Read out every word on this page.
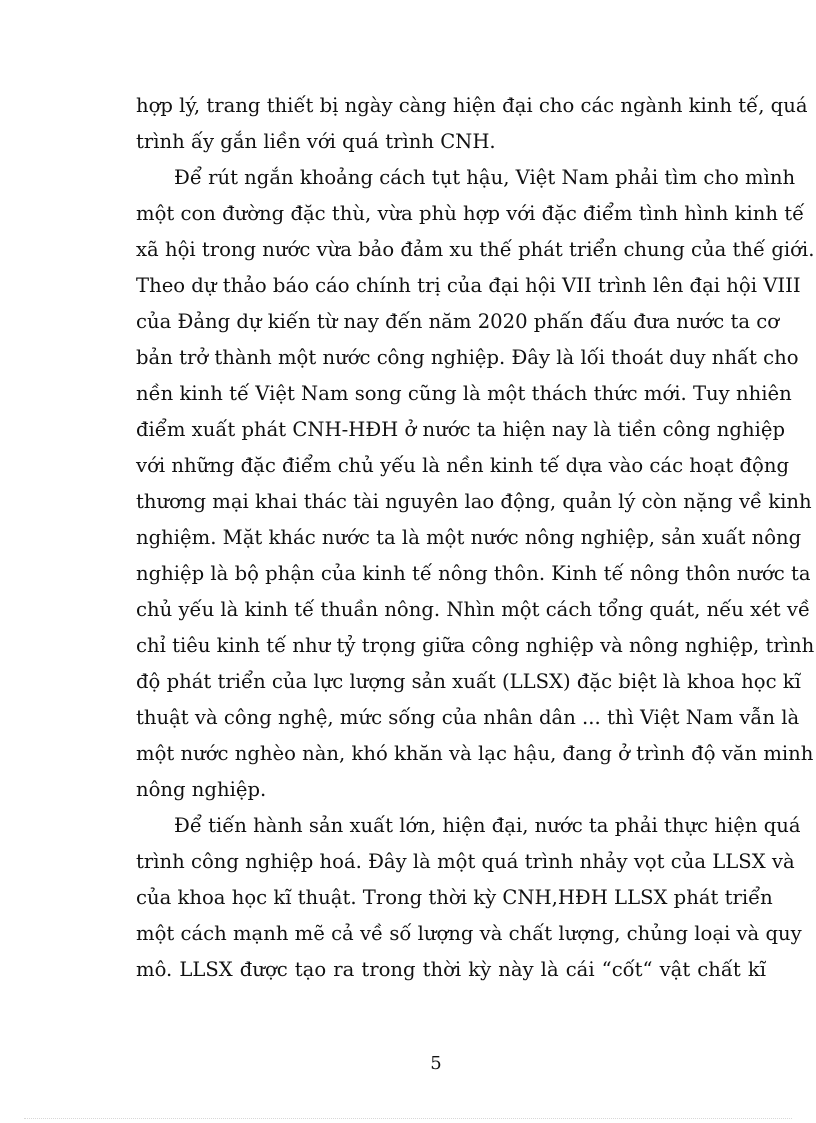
hợp lý, trang thiết bị ngày càng hiện đại cho các ngành kinh tế, quá
trình ấy gắn liền với quá trình CNH.
Để rút ngắn khoảng cách tụt hậu, Việt Nam phải tìm cho mình
một con đường đặc thù, vừa phù hợp với đặc điểm tình hình kinh tế
xã hội trong nước vừa bảo đảm xu thế phát triển chung của thế giới.
Theo dự thảo báo cáo chính trị của đại hội VII trình lên đại hội VIII
của Đảng dự kiến từ nay đến năm 2020 phấn đấu đưa nước ta cơ
bản trở thành một nước công nghiệp. Đây là lối thoát duy nhất cho
nền kinh tế Việt Nam song cũng là một thách thức mới. Tuy nhiên
điểm xuất phát CNH-HĐH ở nước ta hiện nay là tiền công nghiệp
với những đặc điểm chủ yếu là nền kinh tế dựa vào các hoạt động
thương mại khai thác tài nguyên lao động, quản lý còn nặng về kinh
nghiệm. Mặt khác nước ta là một nước nông nghiệp, sản xuất nông
nghiệp là bộ phận của kinh tế nông thôn. Kinh tế nông thôn nước ta
chủ yếu là kinh tế thuần nông. Nhìn một cách tổng quát, nếu xét về
chỉ tiêu kinh tế như tỷ trọng giữa công nghiệp và nông nghiệp, trình
độ phát triển của lực lượng sản xuất (LLSX) đặc biệt là khoa học kĩ
thuật và công nghệ, mức sống của nhân dân ... thì Việt Nam vẫn là
một nước nghèo nàn, khó khăn và lạc hậu, đang ở trình độ văn minh
nông nghiệp.
Để tiến hành sản xuất lớn, hiện đại, nước ta phải thực hiện quá
trình công nghiệp hoá. Đây là một quá trình nhảy vọt của LLSX và
của khoa học kĩ thuật. Trong thời kỳ CNH,HĐH LLSX phát triển
một cách mạnh mẽ cả về số lượng và chất lượng, chủng loại và quy
mô. LLSX được tạo ra trong thời kỳ này là cái “cốt“ vật chất kĩ
5
